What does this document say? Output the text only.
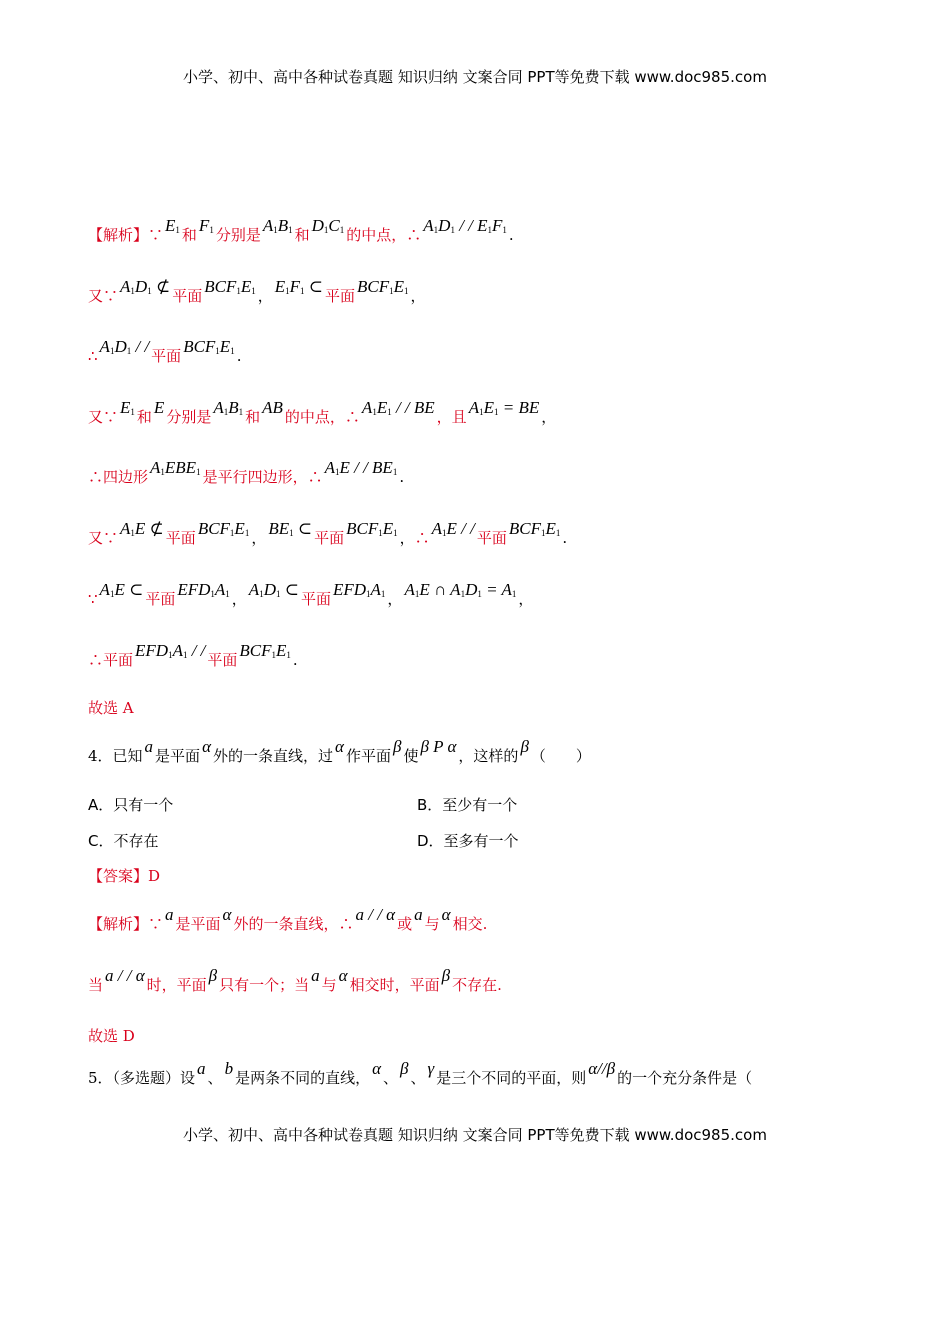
小学、初中、高中各种试卷真题 知识归纳 文案合同 PPT等免费下载 www.doc985.com
【解析】∵ $E_1$ 和 $F_1$ 分别是 $A_1B_1$ 和 $D_1C_1$ 的中点，∴ $A_1D_1$ / / $E_1F_1$ .
又∵ $A_1D_1$ ⊄ 平面 $BCF_1E_1$ ， $E_1F_1$ ⊂ 平面 $BCF_1E_1$ ，
∴ $A_1D_1$ / / 平面 $BCF_1E_1$ .
又∵ $E_1$ 和 E 分别是 $A_1B_1$ 和 AB 的中点，∴ $A_1E_1$ / / BE ，且 $A_1E_1$ = BE ，
∴四边形 $A_1EBE_1$ 是平行四边形，∴ $A_1E$ / / $BE_1$ .
又∵ $A_1E$ ⊄ 平面 $BCF_1E_1$ ， $BE_1$ ⊂ 平面 $BCF_1E_1$ ，∴ $A_1E$ / / 平面 $BCF_1E_1$ .
∵ $A_1E$ ⊂ 平面 $EFD_1A_1$ ， $A_1D_1$ ⊂ 平面 $EFD_1A_1$ ， $A_1E$ ∩ $A_1D_1 = A_1$ ，
∴平面 $EFD_1A_1$ / / 平面 $BCF_1E_1$ .
故选 A
4．已知 a 是平面 α 外的一条直线，过 α 作平面 β 使 β P α ，这样的 β （　　）
A．只有一个	B．至少有一个
C．不存在	D．至多有一个
【答案】D
【解析】∵ a 是平面 α 外的一条直线，∴ a / / α 或 a 与 α 相交.
当 a / / α 时，平面 β 只有一个；当 a 与 α 相交时，平面 β 不存在.
故选 D
5．（多选题）设 a 、 b 是两条不同的直线， α 、 β 、 γ 是三个不同的平面，则 α//β 的一个充分条件是（
小学、初中、高中各种试卷真题 知识归纳 文案合同 PPT等免费下载 www.doc985.com
